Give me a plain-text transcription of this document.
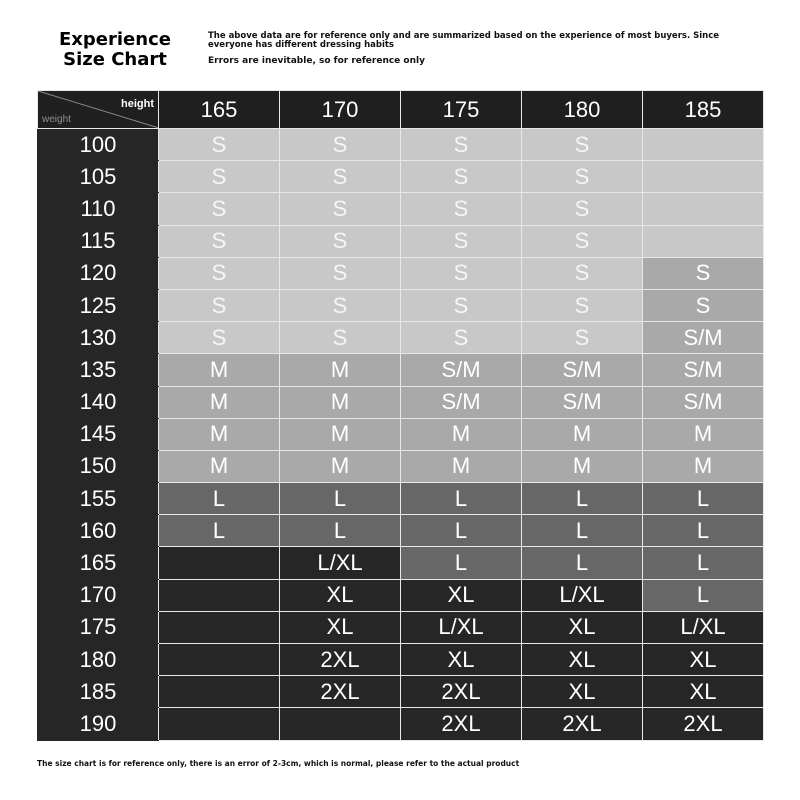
Experience Size Chart
The above data are for reference only and are summarized based on the experience of most buyers. Since everyone has different dressing habits
Errors are inevitable, so for reference only
height
weight	165	170	175	180	185
100	S	S	S	S	
105	S	S	S	S	
110	S	S	S	S	
115	S	S	S	S	
120	S	S	S	S	S
125	S	S	S	S	S
130	S	S	S	S	S/M
135	M	M	S/M	S/M	S/M
140	M	M	S/M	S/M	S/M
145	M	M	M	M	M
150	M	M	M	M	M
155	L	L	L	L	L
160	L	L	L	L	L
165		L/XL	L	L	L
170		XL	XL	L/XL	L
175		XL	L/XL	XL	L/XL
180		2XL	XL	XL	XL
185		2XL	2XL	XL	XL
190			2XL	2XL	2XL
The size chart is for reference only, there is an error of 2-3cm, which is normal, please refer to the actual product
